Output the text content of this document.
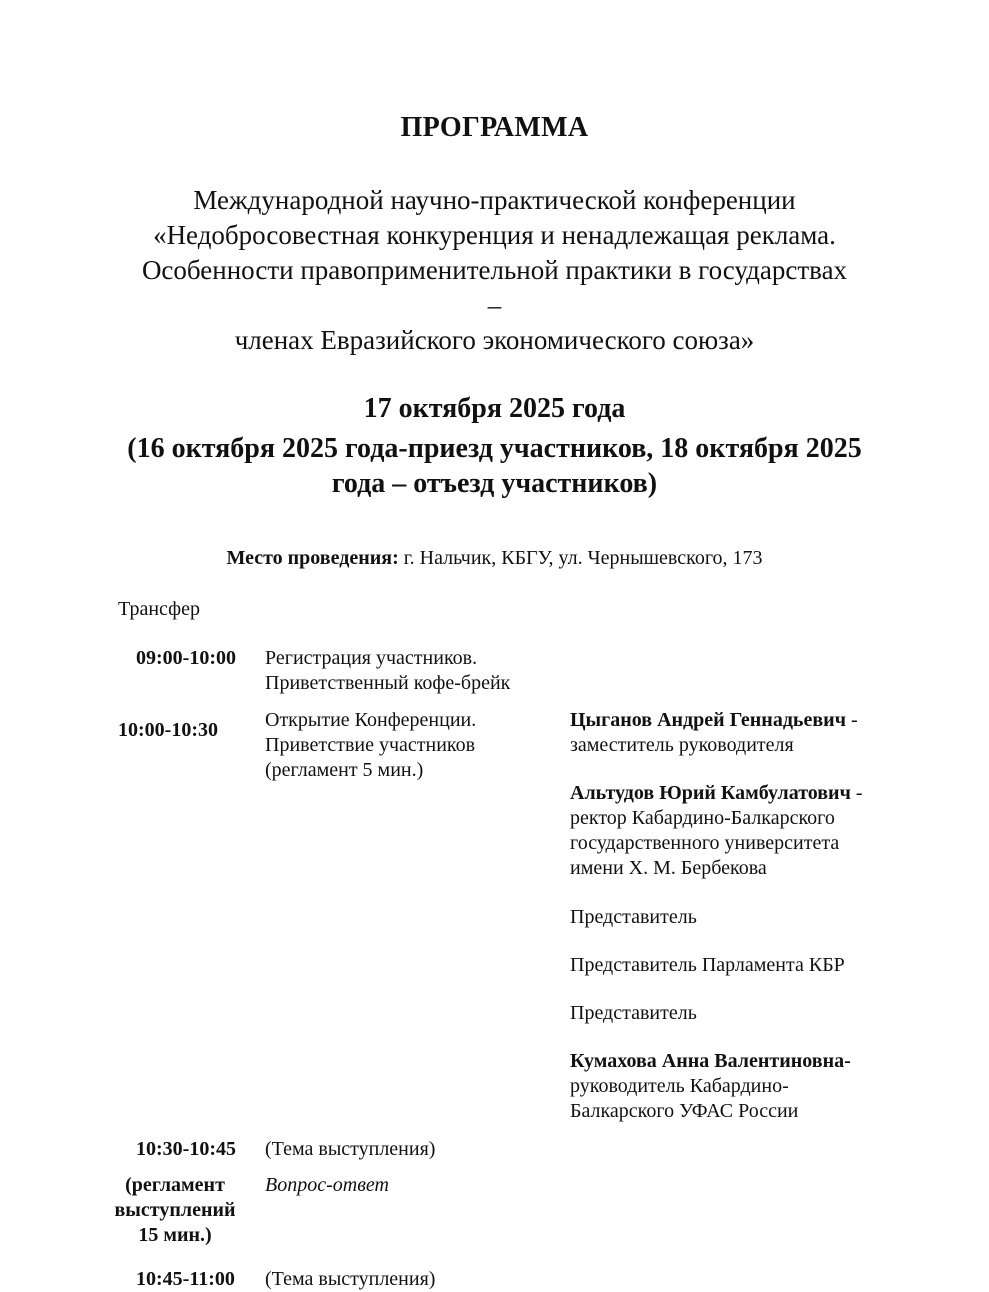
ПРОГРАММА
Международной научно-практической конференции
«Недобросовестная конкуренция и ненадлежащая реклама.
Особенности правоприменительной практики в государствах
–
членах Евразийского экономического союза»
17 октября 2025 года
(16 октября 2025 года-приезд участников, 18 октября 2025
года – отъезд участников)
Место проведения: г. Нальчик, КБГУ, ул. Чернышевского, 173
Трансфер
09:00-10:00 Регистрация участников.
Приветственный кофе-брейк
10:00-10:30 Открытие Конференции.
Приветствие участников
(регламент 5 мин.)
Цыганов Андрей Геннадьевич -
заместитель руководителя
Альтудов Юрий Камбулатович -
ректор Кабардино-Балкарского
государственного университета
имени Х. М. Бербекова
Представитель
Представитель Парламента КБР
Представитель
Кумахова Анна Валентиновна-
руководитель Кабардино-
Балкарского УФАС России
10:30-10:45 (Тема выступления)
(регламент
выступлений
15 мин.)
Вопрос-ответ
10:45-11:00 (Тема выступления)
